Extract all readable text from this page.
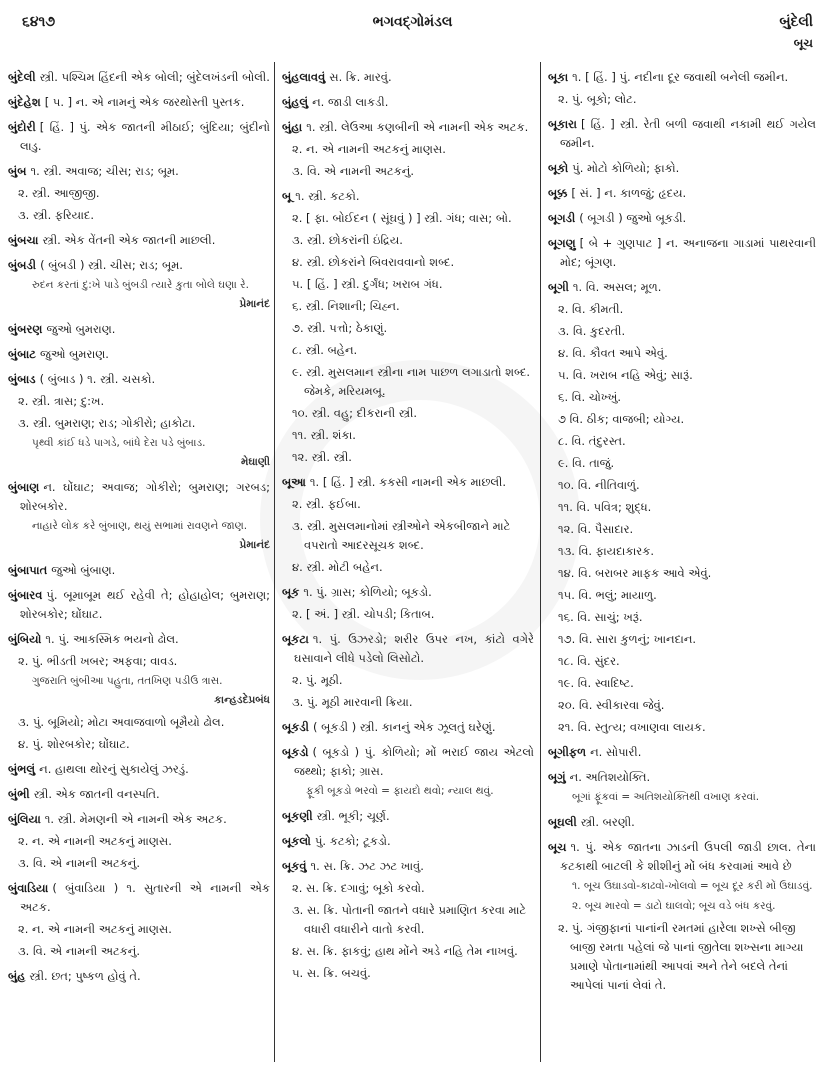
૬૪૧૭	ભગવદ્ગોમંડલ	બુંદેલી
બૂચ
બુંદેલી સ્ત્રી. પશ્ચિમ હિંદની એક બોલી; બુંદેલખંડની બોલી.
બુંદેહેશ [ પ. ] ન. એ નામનું એક જરથોસ્તી પુસ્તક.
બુંદોરી [ હિં. ] પું. એક જાતની મીઠાઈ; બુંદિયા; બુંદીનો લાડુ.
બુંબ ૧. સ્ત્રી. અવાજ; ચીસ; રાડ; બૂમ.
૨. સ્ત્રી. આજીજી.
૩. સ્ત્રી. ફરિયાદ.
બુંબચા સ્ત્રી. એક વેંતની એક જાતની માછલી.
બુંબડી ( બુંબડી ) સ્ત્રી. ચીસ; રાડ; બૂમ.
રુદન કરતાં દુ:ખે પાડે બુંબડી ત્યારે કુતા બોલે ઘણા રે.
પ્રેમાનંદ
બુંબરણ જુઓ બુમરાણ.
બુંબાટ જુઓ બુમરાણ.
બુંબાડ ( બુંબાડ ) ૧. સ્ત્રી. ચસકો.
૨. સ્ત્રી. ત્રાસ; દુ:ખ.
૩. સ્ત્રી. બુમરાણ; રાડ; ગોકીરો; હાકોટા.
પૃથ્વી કાંઈ ધડે પાગડે, બાંધે દેરા પડે બુંબાડ.
મેઘાણી
બુંબાણ ન. ઘોંઘાટ; અવાજ; ગોકીરો; બુમરાણ; ગરબડ; શોરબકોર.
નાહારે લોક કરે બુંબાણ, થયું સભામાં રાવણને જાણ.
પ્રેમાનંદ
બુંબાપાત જુઓ બુંબાણ.
બુંબારવ પું. બૂમાબૂમ થઈ રહેવી તે; હોહાહોલ; બુમરાણ; શોરબકોર; ઘોંઘાટ.
બુંબિયો ૧. પું. આકસ્મિક ભયનો ઢોલ.
૨. પું. ભીડતી ખબર; અફવા; વાવડ.
ગુજરાતિ બુંબીઆ પહુતા, તતખિણ પડીઉ ત્રાસ.
કાન્હડદેપ્રબંધ
૩. પું. બૂમિયો; મોટા અવાજવાળો બૂમૈયો ઢોલ.
૪. પું. શોરબકોર; ઘોંઘાટ.
બુંભલું ન. હાથલા થોરનું સુકાયેલું ઝરડું.
બુંભી સ્ત્રી. એક જાતની વનસ્પતિ.
બુંલિયા ૧. સ્ત્રી. મેમણની એ નામની એક અટક.
૨. ન. એ નામની અટકનું માણસ.
૩. વિ. એ નામની અટકનું.
બુંવાડિયા ( બુંવાડિયા ) ૧. સુતારની એ નામની એક અટક.
૨. ન. એ નામની અટકનું માણસ.
૩. વિ. એ નામની અટકનું.
બુંહ સ્ત્રી. છત; પુષ્કળ હોવું તે.
બુંહલાવવું સ. ક્રિ. મારવું.
બુંહલું ન. જાડી લાકડી.
બુંહા ૧. સ્ત્રી. લેઉઆ કણબીની એ નામની એક અટક.
૨. ન. એ નામની અટકનું માણસ.
૩. વિ. એ નામની અટકનું.
બૂ ૧. સ્ત્રી. કટકો.
૨. [ ફા. બોઈદન ( સૂંઘવું ) ] સ્ત્રી. ગંધ; વાસ; બો.
૩. સ્ત્રી. છોકરાંની ઇંદ્રિય.
૪. સ્ત્રી. છોકરાંને બિવરાવવાનો શબ્દ.
૫. [ હિં. ] સ્ત્રી. દુર્ગંધ; ખરાબ ગંધ.
૬. સ્ત્રી. નિશાની; ચિહ્ન.
૭. સ્ત્રી. પત્તો; ઠેકાણું.
૮. સ્ત્રી. બહેન.
૯. સ્ત્રી. મુસલમાન સ્ત્રીના નામ પાછળ લગાડાતો શબ્દ. જેમકે, મરિયમબૂ.
૧૦. સ્ત્રી. વહુ; દીકરાની સ્ત્રી.
૧૧. સ્ત્રી. શંકા.
૧૨. સ્ત્રી. સ્ત્રી.
બૂઆ ૧. [ હિં. ] સ્ત્રી. કકસી નામની એક માછલી.
૨. સ્ત્રી. ફઈબા.
૩. સ્ત્રી. મુસલમાનોમાં સ્ત્રીઓને એકબીજાને માટે વપરાતો આદરસૂચક શબ્દ.
૪. સ્ત્રી. મોટી બહેન.
બૂક ૧. પું. ગ્રાસ; કોળિયો; બૂકડો.
૨. [ અં. ] સ્ત્રી. ચોપડી; કિતાબ.
બૂકટા ૧. પું. ઉઝરડો; શરીર ઉપર નખ, કાંટો વગેરે ઘસાવાને લીધે પડેલો લિસોટો.
૨. પું. મૂઠી.
૩. પું. મૂઠી મારવાની ક્રિયા.
બૂકડી ( બૂકડી ) સ્ત્રી. કાનનું એક ઝૂલતું ઘરેણું.
બૂકડો ( બૂકડો ) પું. કોળિયો; મોં ભરાઈ જાય એટલો જથ્થો; ફાકો; ગ્રાસ.
ફૂકી બૂકડો ભરવો = ફાયદો થવો; ન્યાલ થવું.
બૂકણી સ્ત્રી. ભૂકી; ચૂર્ણ.
બૂકલો પું. કટકો; ટૂકડો.
બૂકવું ૧. સ. ક્રિ. ઝટ ઝટ ખાવું.
૨. સ. ક્રિ. દગાવું; બૂકો કરવો.
૩. સ. ક્રિ. પોતાની જાતને વધારે પ્રમાણિત કરવા માટે વધારી વધારીને વાતો કરવી.
૪. સ. ક્રિ. ફાકવું; હાથ મોંને અડે નહિ તેમ નાખવું.
૫. સ. ક્રિ. બચવું.
બૂકા ૧. [ હિં. ] પું. નદીના દૂર જવાથી બનેલી જમીન.
૨. પું. બૂકો; લોટ.
બૂકારા [ હિં. ] સ્ત્રી. રેતી બળી જવાથી નકામી થઈ ગયેલ જમીન.
બૂકો પું. મોટો કોળિયો; ફાકો.
બૂક્ક [ સં. ] ન. કાળજું; હૃદય.
બૂગડી ( બૂગડી ) જુઓ બૂકડી.
બૂગણુ [ બે + ગુણપાટ ] ન. અનાજના ગાડામાં પાથરવાની મોદ; બૂંગણ.
બૂગી ૧. વિ. અસલ; મૂળ.
૨. વિ. કીમતી.
૩. વિ. કુદરતી.
૪. વિ. કૌવત આપે એવું.
૫. વિ. ખરાબ નહિ એવું; સારૂં.
૬. વિ. ચોખ્ખું.
૭ વિ. ઠીક; વાજબી; યોગ્ય.
૮. વિ. તંદુરસ્ત.
૯. વિ. તાજું.
૧૦. વિ. નીતિવાળું.
૧૧. વિ. પવિત્ર; શુદ્ધ.
૧૨. વિ. પૈસાદાર.
૧૩. વિ. ફાયદાકારક.
૧૪. વિ. બરાબર માફક આવે એવું.
૧૫. વિ. ભલું; માયાળુ.
૧૬. વિ. સાચું; ખરૂં.
૧૭. વિ. સારા કુળનું; ખાનદાન.
૧૮. વિ. સુંદર.
૧૯. વિ. સ્વાદિષ્ટ.
૨૦. વિ. સ્વીકારવા જેવું.
૨૧. વિ. સ્તુત્ય; વખાણવા લાયક.
બૂગીફળ ન. સોપારી.
બૂગું ન. અતિશયોક્તિ.
બૂગાં ફૂંકવાં = અતિશયોક્તિથી વખાણ કરવાં.
બૂઘલી સ્ત્રી. બરણી.
બૂચ ૧. પું. એક જાતના ઝાડની ઉપલી જાડી છાલ. તેના કટકાથી બાટલી કે શીશીનું મોં બંધ કરવામાં આવે છે
૧. બૂચ ઉઘાડવો-કાઢવો-ખોલવો = બૂચ દૂર કરી મોં ઉઘાડવું.
૨. બૂચ મારવો = ડાટો ઘાલવો; બૂચ વડે બંધ કરવું.
૨. પું. ગંજીફાનાં પાનાંની રમતમાં હારેલા શખ્સે બીજી બાજી રમતા પહેલાં જે પાનાં જીતેલા શખ્સના માગ્યા પ્રમાણે પોતાનામાંથી આપવાં અને તેને બદલે તેનાં આપેલાં પાનાં લેવાં તે.
